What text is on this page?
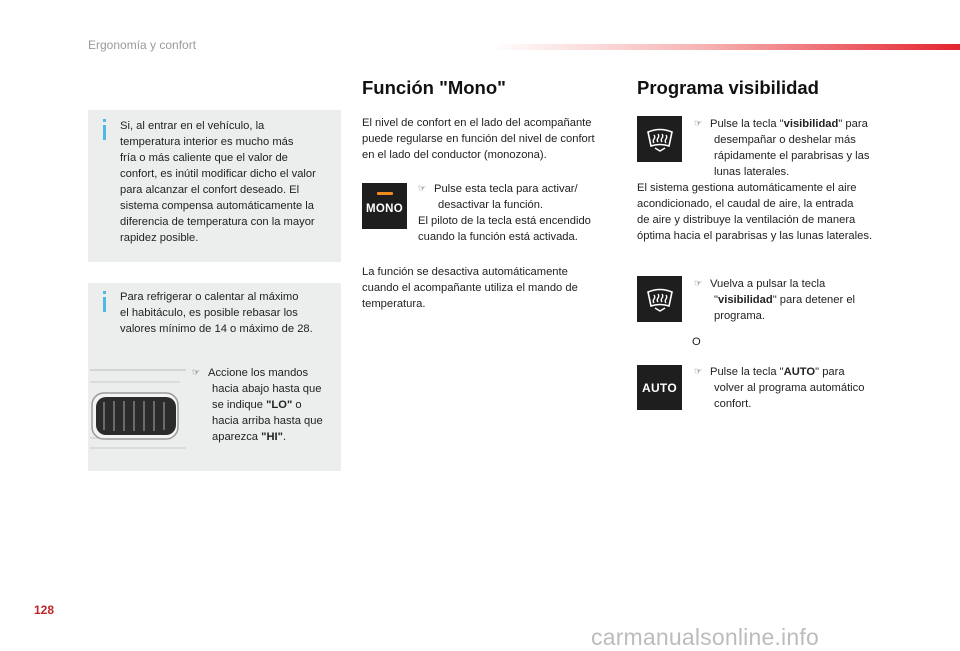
Ergonomía y confort
Si, al entrar en el vehículo, la
temperatura interior es mucho más
fría o más caliente que el valor de
confort, es inútil modificar dicho el valor
para alcanzar el confort deseado. El
sistema compensa automáticamente la
diferencia de temperatura con la mayor
rapidez posible.
Para refrigerar o calentar al máximo
el habitáculo, es posible rebasar los
valores mínimo de 14 o máximo de 28.
☞ Accione los mandos
hacia abajo hasta que
se indique "LO" o
hacia arriba hasta que
aparezca "HI".
Función "Mono"
El nivel de confort en el lado del acompañante
puede regularse en función del nivel de confort
en el lado del conductor (monozona).
MONO
☞ Pulse esta tecla para activar/
desactivar la función.
El piloto de la tecla está encendido
cuando la función está activada.
La función se desactiva automáticamente
cuando el acompañante utiliza el mando de
temperatura.
Programa visibilidad
☞ Pulse la tecla "visibilidad" para
desempañar o deshelar más
rápidamente el parabrisas y las
lunas laterales.
El sistema gestiona automáticamente el aire
acondicionado, el caudal de aire, la entrada
de aire y distribuye la ventilación de manera
óptima hacia el parabrisas y las lunas laterales.
☞ Vuelva a pulsar la tecla
"visibilidad" para detener el
programa.
O
AUTO
☞ Pulse la tecla "AUTO" para
volver al programa automático
confort.
128
carmanualsonline.info
